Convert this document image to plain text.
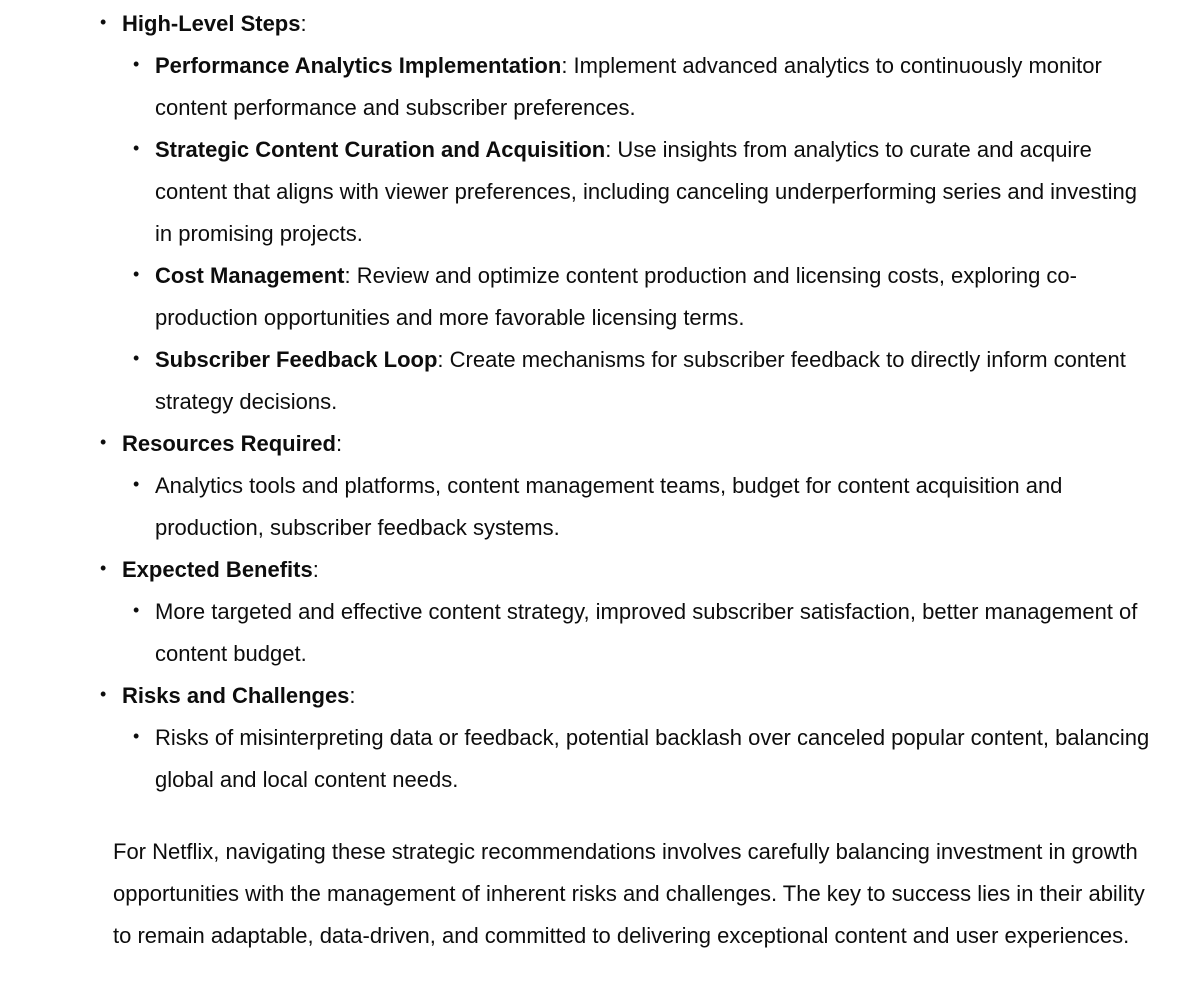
• High-Level Steps:
• Performance Analytics Implementation: Implement advanced analytics to continuously monitor content performance and subscriber preferences.
• Strategic Content Curation and Acquisition: Use insights from analytics to curate and acquire content that aligns with viewer preferences, including canceling underperforming series and investing in promising projects.
• Cost Management: Review and optimize content production and licensing costs, exploring co-production opportunities and more favorable licensing terms.
• Subscriber Feedback Loop: Create mechanisms for subscriber feedback to directly inform content strategy decisions.
• Resources Required:
• Analytics tools and platforms, content management teams, budget for content acquisition and production, subscriber feedback systems.
• Expected Benefits:
• More targeted and effective content strategy, improved subscriber satisfaction, better management of content budget.
• Risks and Challenges:
• Risks of misinterpreting data or feedback, potential backlash over canceled popular content, balancing global and local content needs.

For Netflix, navigating these strategic recommendations involves carefully balancing investment in growth opportunities with the management of inherent risks and challenges. The key to success lies in their ability to remain adaptable, data-driven, and committed to delivering exceptional content and user experiences.
